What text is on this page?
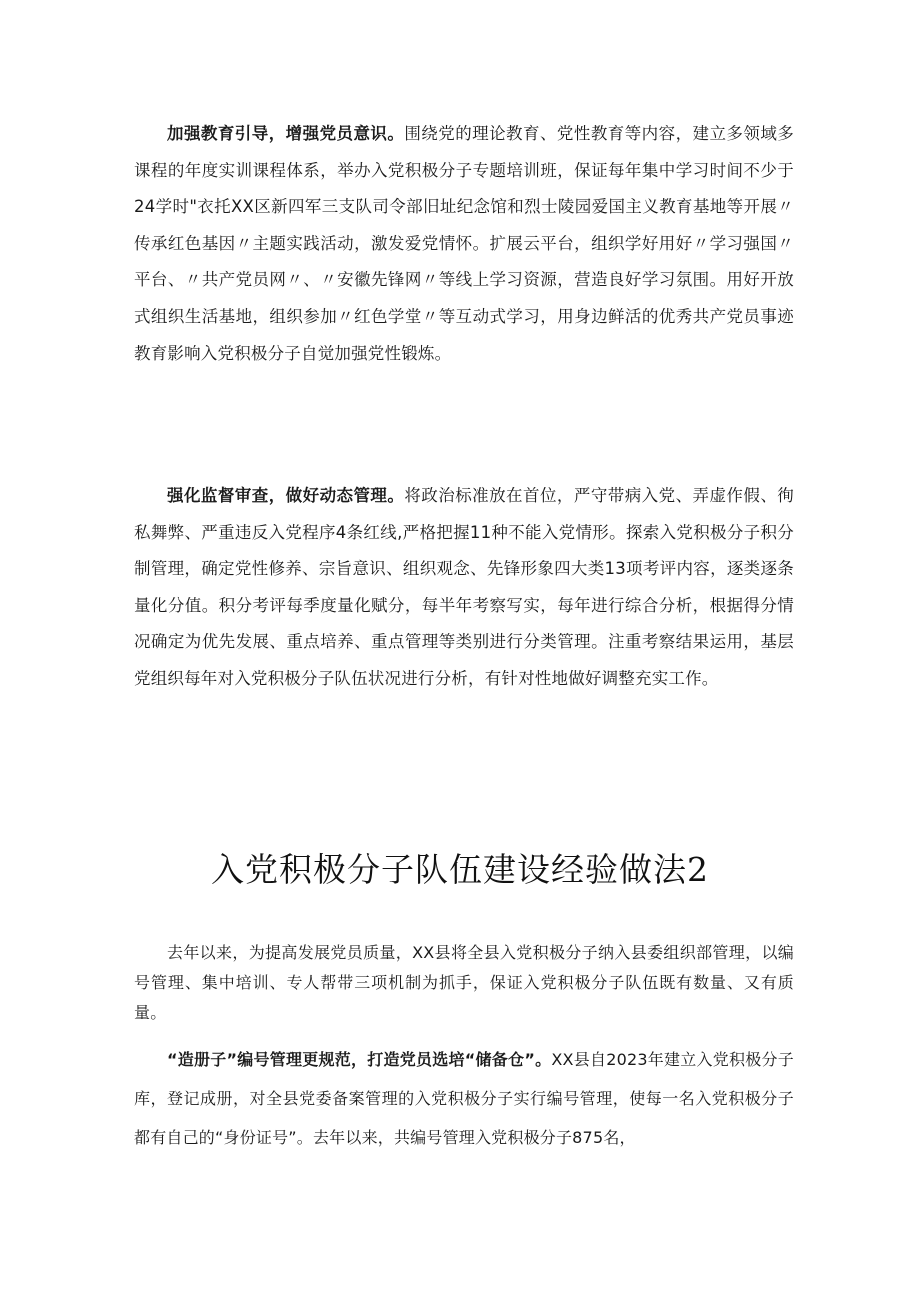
加强教育引导，增强党员意识。围绕党的理论教育、党性教育等内容，建立多领域多课程的年度实训课程体系，举办入党积极分子专题培训班，保证每年集中学习时间不少于24学时"衣托XX区新四军三支队司令部旧址纪念馆和烈士陵园爱国主义教育基地等开展〃传承红色基因〃主题实践活动，激发爱党情怀。扩展云平台，组织学好用好〃学习强国〃平台、〃共产党员网〃、〃安徽先锋网〃等线上学习资源，营造良好学习氛围。用好开放式组织生活基地，组织参加〃红色学堂〃等互动式学习，用身边鲜活的优秀共产党员事迹教育影响入党积极分子自觉加强党性锻炼。

强化监督审查，做好动态管理。将政治标准放在首位，严守带病入党、弄虚作假、徇私舞弊、严重违反入党程序4条红线,严格把握11种不能入党情形。探索入党积极分子积分制管理，确定党性修养、宗旨意识、组织观念、先锋形象四大类13项考评内容，逐类逐条量化分值。积分考评每季度量化赋分，每半年考察写实，每年进行综合分析，根据得分情况确定为优先发展、重点培养、重点管理等类别进行分类管理。注重考察结果运用，基层党组织每年对入党积极分子队伍状况进行分析，有针对性地做好调整充实工作。

入党积极分子队伍建设经验做法2

去年以来，为提高发展党员质量，XX县将全县入党积极分子纳入县委组织部管理，以编号管理、集中培训、专人帮带三项机制为抓手，保证入党积极分子队伍既有数量、又有质量。

“造册子”编号管理更规范，打造党员选培“储备仓”。XX县自2023年建立入党积极分子库，登记成册，对全县党委备案管理的入党积极分子实行编号管理，使每一名入党积极分子都有自己的“身份证号”。去年以来，共编号管理入党积极分子875名，
